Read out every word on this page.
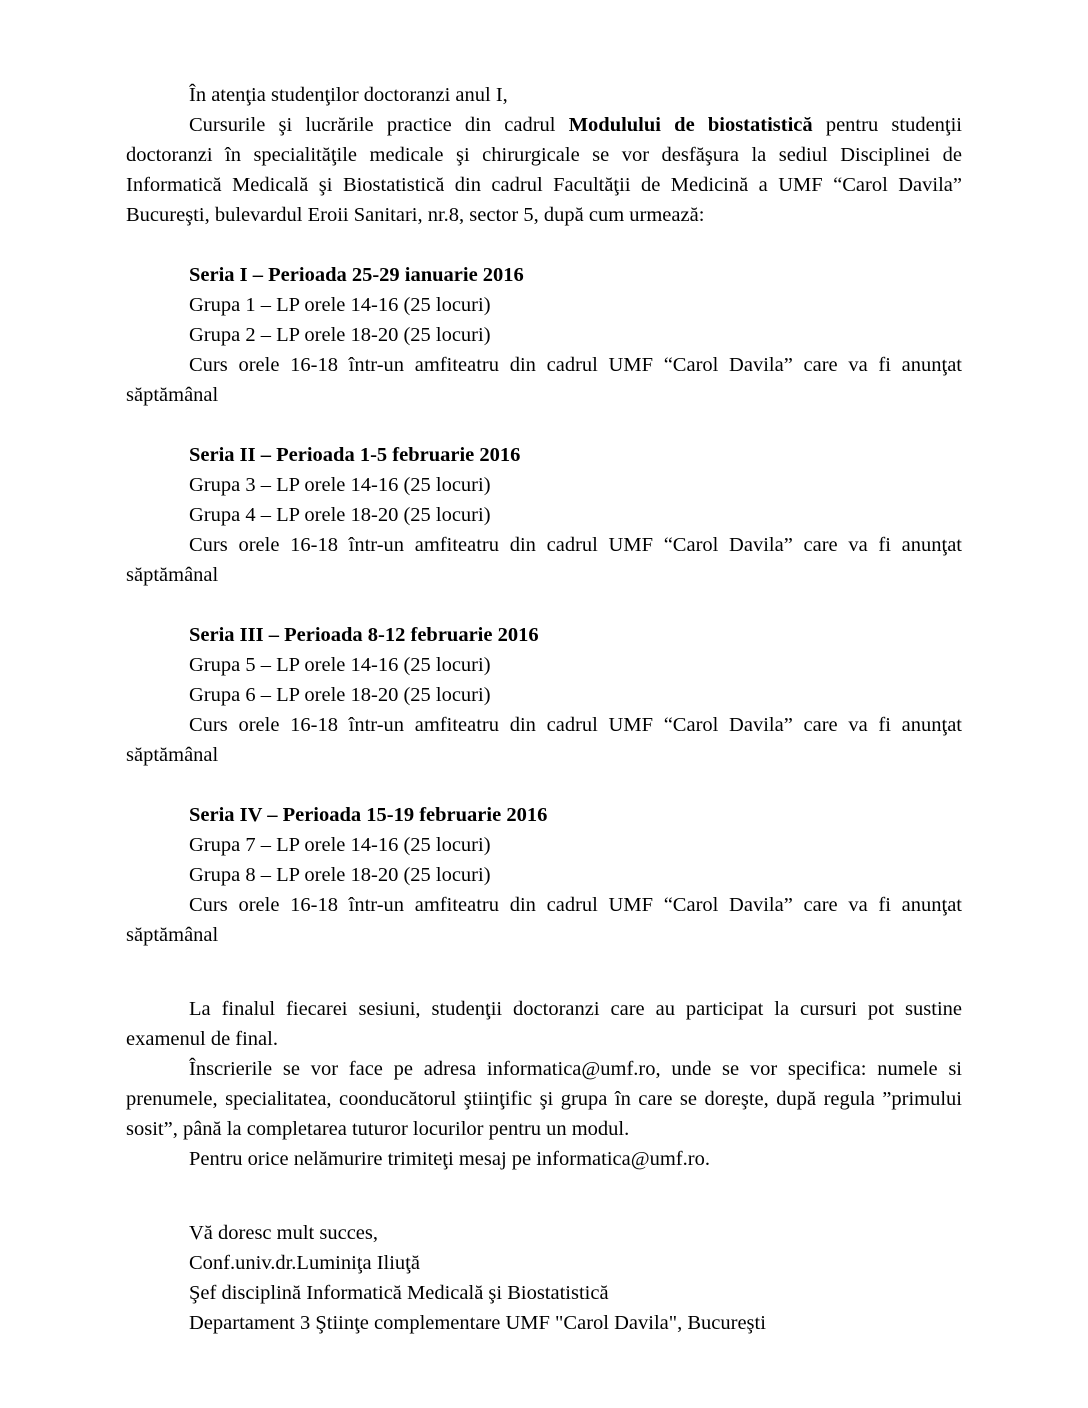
În atenţia studenţilor doctoranzi anul I,

Cursurile şi lucrările practice din cadrul Modulului de biostatistică pentru studenţii doctoranzi în specialităţile medicale şi chirurgicale se vor desfăşura la sediul Disciplinei de Informatică Medicală şi Biostatistică din cadrul Facultăţii de Medicină a UMF “Carol Davila” Bucureşti, bulevardul Eroii Sanitari, nr.8, sector 5, după cum urmează:

Seria I – Perioada 25-29 ianuarie 2016

Grupa 1 – LP orele 14-16 (25 locuri)

Grupa 2 – LP orele 18-20 (25 locuri)

Curs orele 16-18 într-un amfiteatru din cadrul UMF “Carol Davila” care va fi anunţat săptămânal

Seria II – Perioada 1-5 februarie 2016

Grupa 3 – LP orele 14-16 (25 locuri)

Grupa 4 – LP orele 18-20 (25 locuri)

Curs orele 16-18 într-un amfiteatru din cadrul UMF “Carol Davila” care va fi anunţat săptămânal

Seria III – Perioada 8-12 februarie 2016

Grupa 5 – LP orele 14-16 (25 locuri)

Grupa 6 – LP orele 18-20 (25 locuri)

Curs orele 16-18 într-un amfiteatru din cadrul UMF “Carol Davila” care va fi anunţat săptămânal

Seria IV – Perioada 15-19 februarie 2016

Grupa 7 – LP orele 14-16 (25 locuri)

Grupa 8 – LP orele 18-20 (25 locuri)

Curs orele 16-18 într-un amfiteatru din cadrul UMF “Carol Davila” care va fi anunţat săptămânal

La finalul fiecarei sesiuni, studenţii doctoranzi care au participat la cursuri pot sustine examenul de final.

Înscrierile se vor face pe adresa informatica@umf.ro, unde se vor specifica: numele si prenumele, specialitatea, coonducătorul ştiinţific şi grupa în care se doreşte, după regula ”primului sosit”, până la completarea tuturor locurilor pentru un modul.

Pentru orice nelămurire trimiteţi mesaj pe informatica@umf.ro.

Vă doresc mult succes,

Conf.univ.dr.Luminiţa Iliuţă

Şef disciplină Informatică Medicală şi Biostatistică

Departament 3 Ştiinţe complementare UMF "Carol Davila", Bucureşti
